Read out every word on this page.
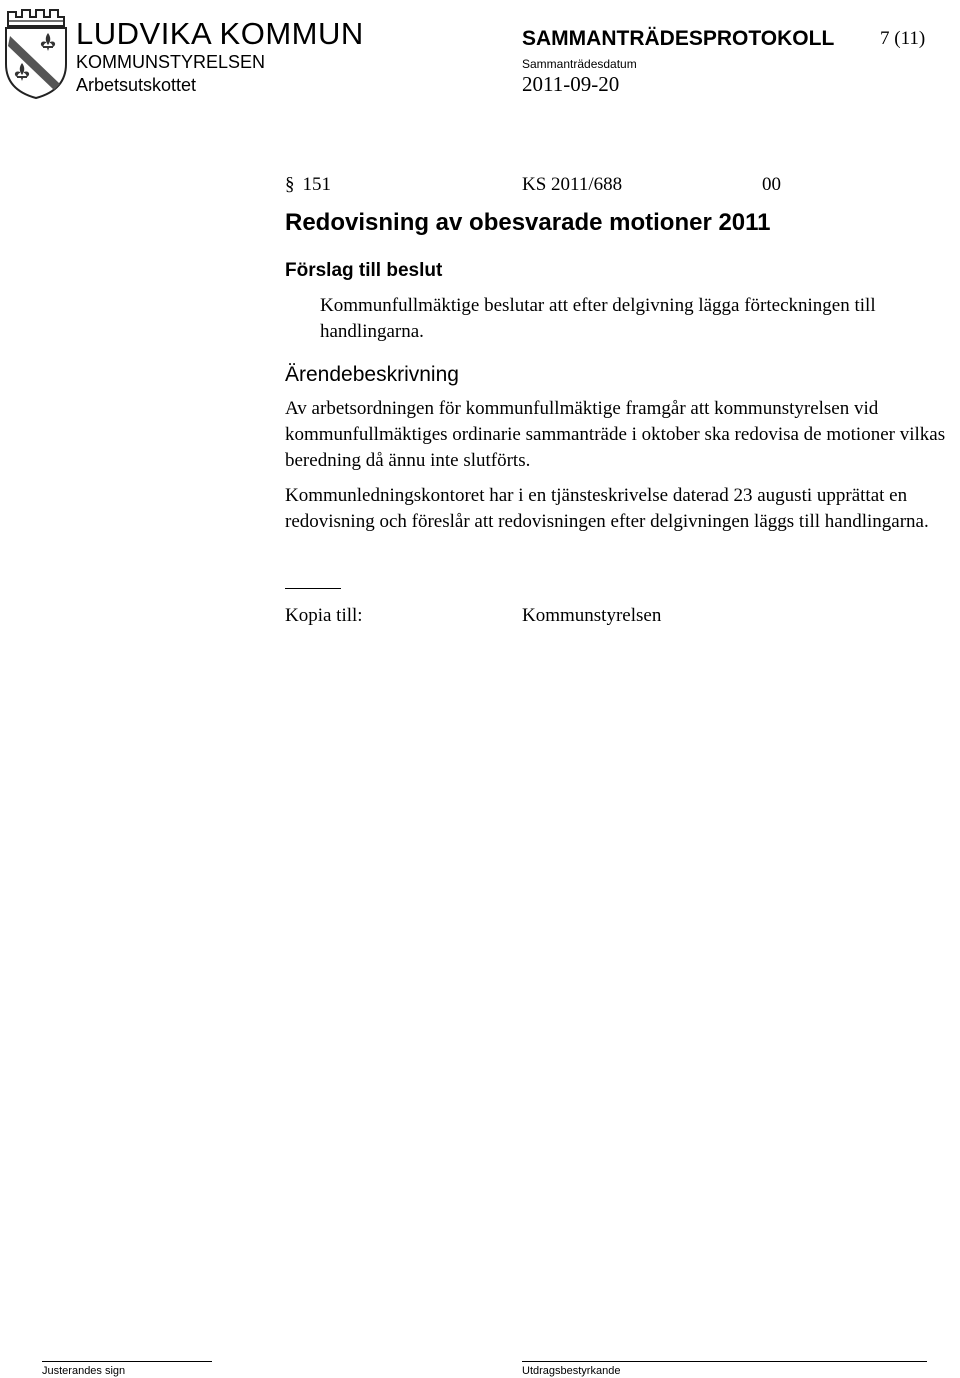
LUDVIKA KOMMUN
KOMMUNSTYRELSEN
Arbetsutskottet
SAMMANTRÄDESPROTOKOLL 7 (11)
Sammanträdesdatum
2011-09-20
§ 151	KS 2011/688	00
Redovisning av obesvarade motioner 2011
Förslag till beslut
Kommunfullmäktige beslutar att efter delgivning lägga förteckningen till handlingarna.
Ärendebeskrivning
Av arbetsordningen för kommunfullmäktige framgår att kommunstyrelsen vid kommunfullmäktiges ordinarie sammanträde i oktober ska redovisa de motioner vilkas beredning då ännu inte slutförts.
Kommunledningskontoret har i en tjänsteskrivelse daterad 23 augusti upprättat en redovisning och föreslår att redovisningen efter delgivningen läggs till handlingarna.
Kopia till:	Kommunstyrelsen
Justerandes sign	Utdragsbestyrkande
